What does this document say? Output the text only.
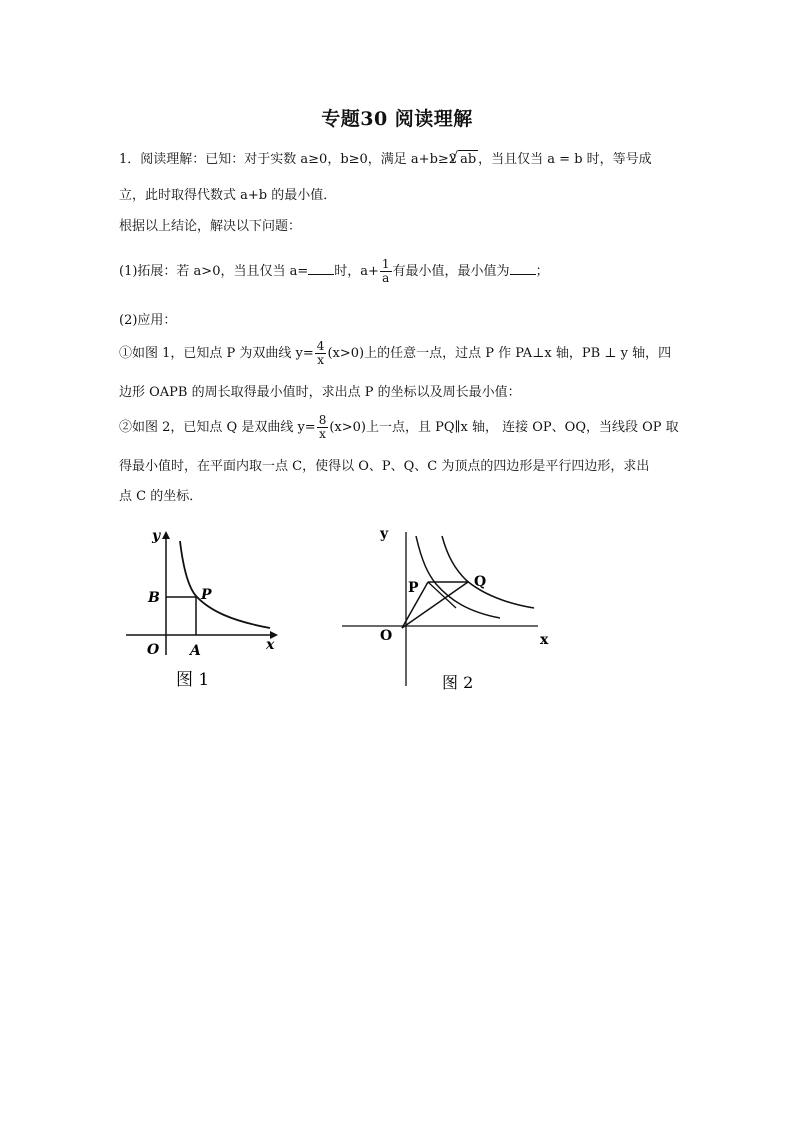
专题30 阅读理解
1．阅读理解：已知：对于实数 a≥0，b≥0，满足 a+b≥2√ ab ，当且仅当 a = b 时，等号成
立，此时取得代数式 a+b 的最小值．
根据以上结论，解决以下问题：
(1)拓展：若 a>0，当且仅当 a= 时，$a+ \frac{1}{a}$ 有最小值，最小值为 ；
(2)应用：
①如图 1，已知点 P 为双曲线 $y= \frac{4}{x} (x>0)$上的任意一点，过点 P 作 PA⊥x 轴，PB ⊥ y 轴，四
边形 OAPB 的周长取得最小值时，求出点 P 的坐标以及周长最小值：
②如图 2，已知点 Q 是双曲线 $y= \frac{8}{x} (x>0)$上一点，且 PQ∥x 轴， 连接 OP、OQ，当线段 OP 取
得最小值时，在平面内取一点 C，使得以 O、P、Q、C 为顶点的四边形是平行四边形，求出
点 C 的坐标．
y
x
B	P
O A
图 1
y
x
P	Q
O
图 2
